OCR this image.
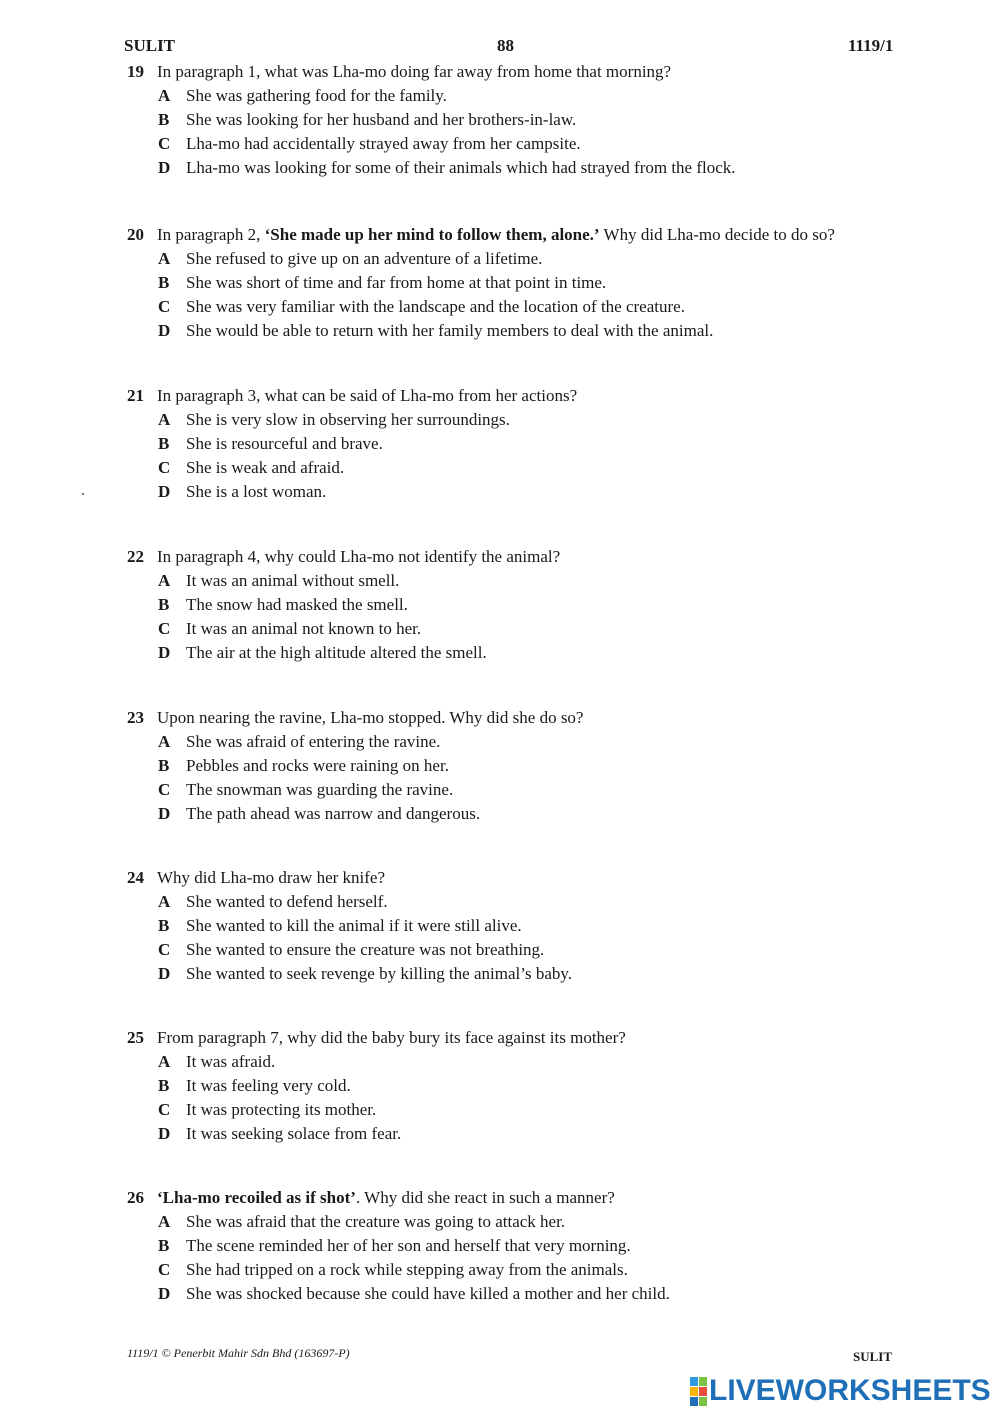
SULIT	88	1119/1
19 In paragraph 1, what was Lha-mo doing far away from home that morning?
A She was gathering food for the family.
B She was looking for her husband and her brothers-in-law.
C Lha-mo had accidentally strayed away from her campsite.
D Lha-mo was looking for some of their animals which had strayed from the flock.
20 In paragraph 2, ‘She made up her mind to follow them, alone.’ Why did Lha-mo decide to do so?
A She refused to give up on an adventure of a lifetime.
B She was short of time and far from home at that point in time.
C She was very familiar with the landscape and the location of the creature.
D She would be able to return with her family members to deal with the animal.
21 In paragraph 3, what can be said of Lha-mo from her actions?
A She is very slow in observing her surroundings.
B She is resourceful and brave.
C She is weak and afraid.
D She is a lost woman.
22 In paragraph 4, why could Lha-mo not identify the animal?
A It was an animal without smell.
B The snow had masked the smell.
C It was an animal not known to her.
D The air at the high altitude altered the smell.
23 Upon nearing the ravine, Lha-mo stopped. Why did she do so?
A She was afraid of entering the ravine.
B Pebbles and rocks were raining on her.
C The snowman was guarding the ravine.
D The path ahead was narrow and dangerous.
24 Why did Lha-mo draw her knife?
A She wanted to defend herself.
B She wanted to kill the animal if it were still alive.
C She wanted to ensure the creature was not breathing.
D She wanted to seek revenge by killing the animal’s baby.
25 From paragraph 7, why did the baby bury its face against its mother?
A It was afraid.
B It was feeling very cold.
C It was protecting its mother.
D It was seeking solace from fear.
26 ‘Lha-mo recoiled as if shot’. Why did she react in such a manner?
A She was afraid that the creature was going to attack her.
B The scene reminded her of her son and herself that very morning.
C She had tripped on a rock while stepping away from the animals.
D She was shocked because she could have killed a mother and her child.
1119/1 © Penerbit Mahir Sdn Bhd (163697-P)	SULIT
LIVEWORKSHEETS
